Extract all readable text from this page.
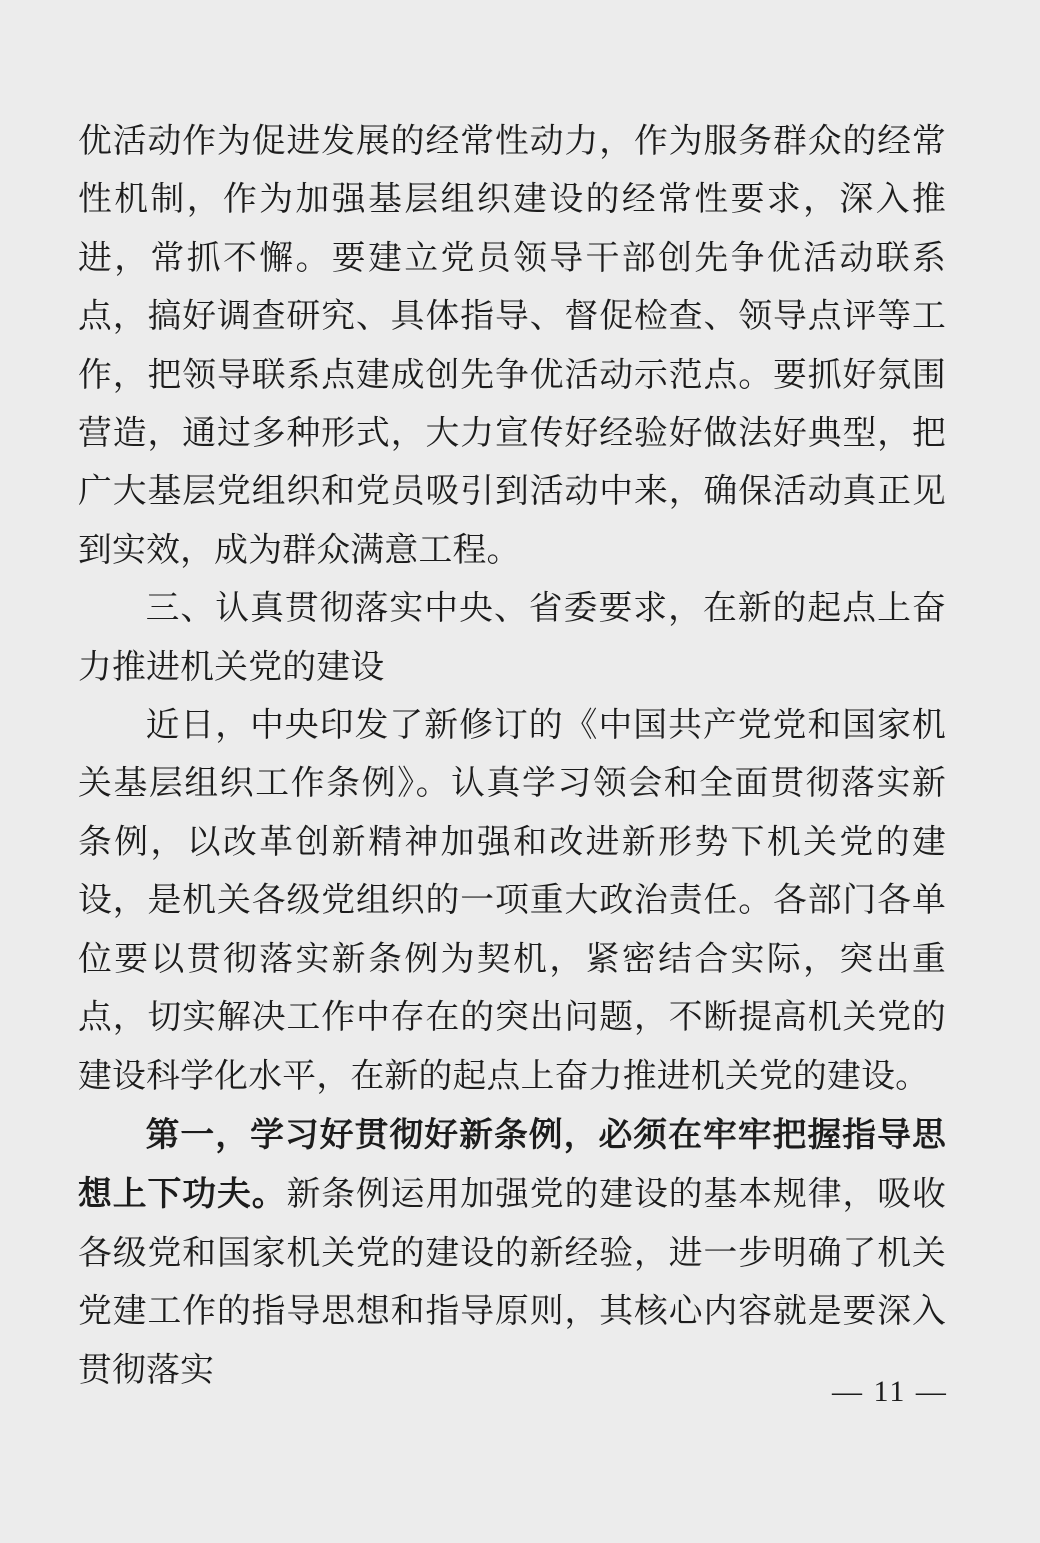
优活动作为促进发展的经常性动力，作为服务群众的经常性机制，作为加强基层组织建设的经常性要求，深入推进，常抓不懈。要建立党员领导干部创先争优活动联系点，搞好调查研究、具体指导、督促检查、领导点评等工作，把领导联系点建成创先争优活动示范点。要抓好氛围营造，通过多种形式，大力宣传好经验好做法好典型，把广大基层党组织和党员吸引到活动中来，确保活动真正见到实效，成为群众满意工程。

三、认真贯彻落实中央、省委要求，在新的起点上奋力推进机关党的建设

近日，中央印发了新修订的《中国共产党党和国家机关基层组织工作条例》。认真学习领会和全面贯彻落实新条例，以改革创新精神加强和改进新形势下机关党的建设，是机关各级党组织的一项重大政治责任。各部门各单位要以贯彻落实新条例为契机，紧密结合实际，突出重点，切实解决工作中存在的突出问题，不断提高机关党的建设科学化水平，在新的起点上奋力推进机关党的建设。

第一，学习好贯彻好新条例，必须在牢牢把握指导思想上下功夫。新条例运用加强党的建设的基本规律，吸收各级党和国家机关党的建设的新经验，进一步明确了机关党建工作的指导思想和指导原则，其核心内容就是要深入贯彻落实

— 11 —
